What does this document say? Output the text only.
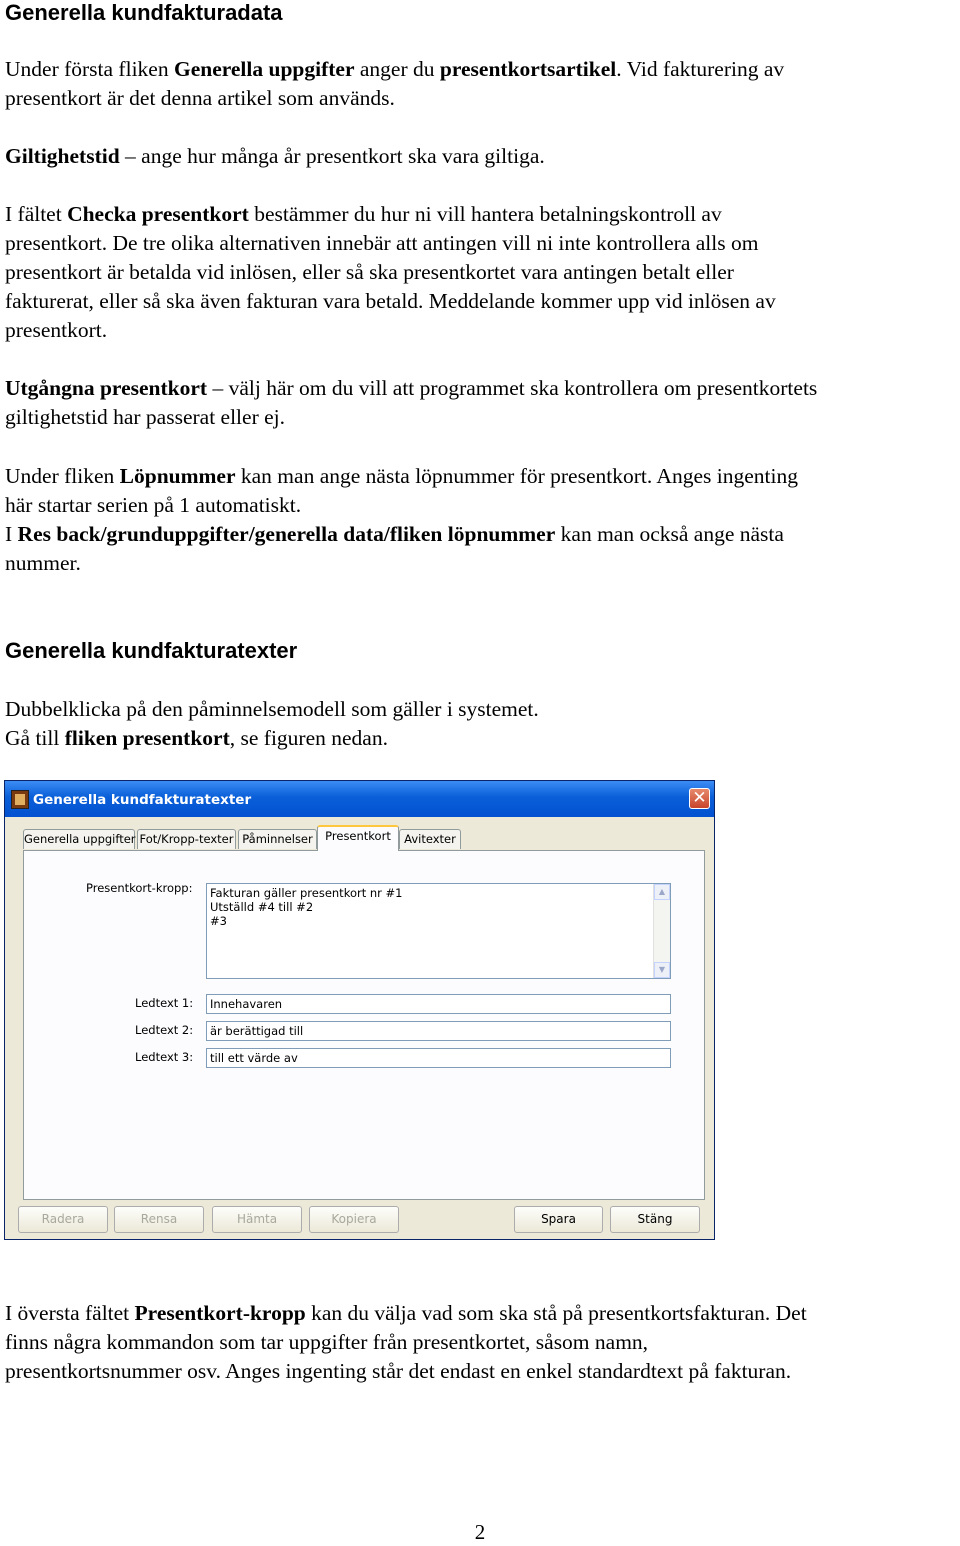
Generella kundfakturadata
Under första fliken Generella uppgifter anger du presentkortsartikel. Vid fakturering av
presentkort är det denna artikel som används.
Giltighetstid – ange hur många år presentkort ska vara giltiga.
I fältet Checka presentkort bestämmer du hur ni vill hantera betalningskontroll av
presentkort. De tre olika alternativen innebär att antingen vill ni inte kontrollera alls om
presentkort är betalda vid inlösen, eller så ska presentkortet vara antingen betalt eller
fakturerat, eller så ska även fakturan vara betald. Meddelande kommer upp vid inlösen av
presentkort.
Utgångna presentkort – välj här om du vill att programmet ska kontrollera om presentkortets
giltighetstid har passerat eller ej.
Under fliken Löpnummer kan man ange nästa löpnummer för presentkort. Anges ingenting
här startar serien på 1 automatiskt.
I Res back/grunduppgifter/generella data/fliken löpnummer kan man också ange nästa
nummer.
Generella kundfakturatexter
Dubbelklicka på den påminnelsemodell som gäller i systemet.
Gå till fliken presentkort, se figuren nedan.
Generella kundfakturatexter	✕
Generella uppgifter Fot/Kropp-texter Påminnelser	Presentkort	Avitexter
Presentkort-kropp: Fakturan gäller presentkort nr #1
Utställd #4 till #2
#3
▲
▼
Ledtext 1:	Innehavaren
Ledtext 2:	är berättigad till
Ledtext 3:	till ett värde av
Radera	Rensa	Hämta	Kopiera	Spara	Stäng
I översta fältet Presentkort-kropp kan du välja vad som ska stå på presentkortsfakturan. Det
finns några kommandon som tar uppgifter från presentkortet, såsom namn,
presentkortsnummer osv. Anges ingenting står det endast en enkel standardtext på fakturan.
2
